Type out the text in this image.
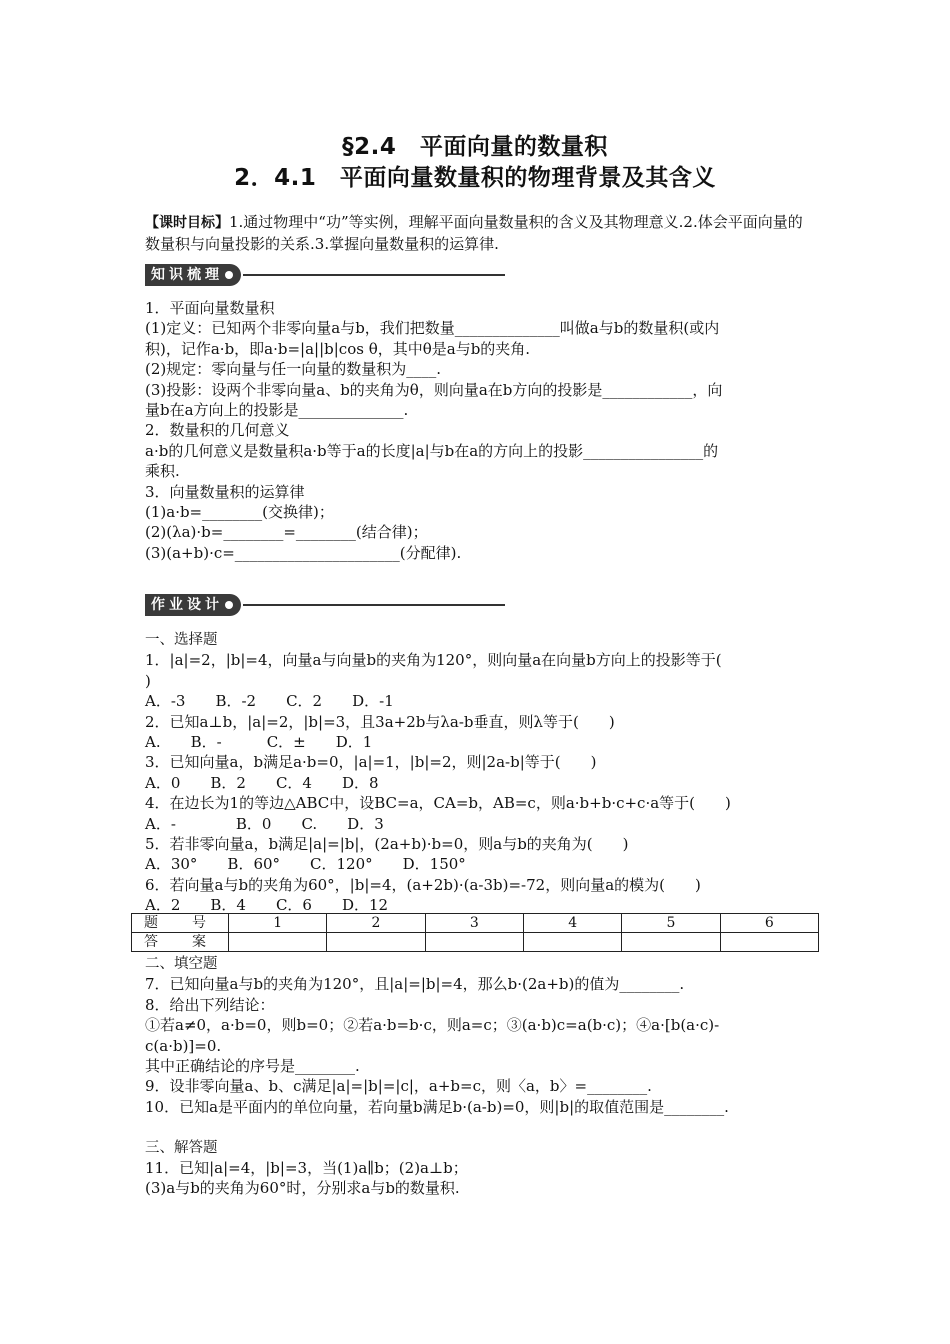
§2.4　平面向量的数量积
2．4.1　平面向量数量积的物理背景及其含义
【课时目标】1.通过物理中“功”等实例，理解平面向量数量积的含义及其物理意义.2.体会平面向量的数量积与向量投影的关系.3.掌握向量数量积的运算律.
知识梳理
1．平面向量数量积
(1)定义：已知两个非零向量a与b，我们把数量______________叫做a与b的数量积(或内
积)，记作a·b，即a·b=|a||b|cos θ，其中θ是a与b的夹角.
(2)规定：零向量与任一向量的数量积为____.
(3)投影：设两个非零向量a、b的夹角为θ，则向量a在b方向的投影是____________，向
量b在a方向上的投影是______________.
2．数量积的几何意义
a·b的几何意义是数量积a·b等于a的长度|a|与b在a的方向上的投影________________的
乘积.
3．向量数量积的运算律
(1)a·b=________(交换律)；
(2)(λa)·b=________=________(结合律)；
(3)(a+b)·c=______________________(分配律).
作业设计
一、选择题
1．|a|=2，|b|=4，向量a与向量b的夹角为120°，则向量a在向量b方向上的投影等于(
)
A．-3　　B．-2　　C．2　　D．-1
2．已知a⊥b，|a|=2，|b|=3，且3a+2b与λa-b垂直，则λ等于(　　)
A.　　B．-　　　C．±　　D．1
3．已知向量a，b满足a·b=0，|a|=1，|b|=2，则|2a-b|等于(　　)
A．0　　B．2　　C．4　　D．8
4．在边长为1的等边△ABC中，设BC=a，CA=b，AB=c，则a·b+b·c+c·a等于(　　)
A．-　　　　B．0　　C.　　D．3
5．若非零向量a，b满足|a|=|b|，(2a+b)·b=0，则a与b的夹角为(　　)
A．30°　　B．60°　　C．120°　　D．150°
6．若向量a与b的夹角为60°，|b|=4，(a+2b)·(a-3b)=-72，则向量a的模为(　　)
A．2　　B．4　　C．6　　D．12
题　号	1	2	3	4	5	6
答　案						
二、填空题
7．已知向量a与b的夹角为120°，且|a|=|b|=4，那么b·(2a+b)的值为________.
8．给出下列结论：
①若a≠0，a·b=0，则b=0；②若a·b=b·c，则a=c；③(a·b)c=a(b·c)；④a·[b(a·c)-
c(a·b)]=0.
其中正确结论的序号是________.
9．设非零向量a、b、c满足|a|=|b|=|c|，a+b=c，则〈a，b〉=________.
10．已知a是平面内的单位向量，若向量b满足b·(a-b)=0，则|b|的取值范围是________.
三、解答题
11．已知|a|=4，|b|=3，当(1)a∥b；(2)a⊥b；
(3)a与b的夹角为60°时，分别求a与b的数量积.
